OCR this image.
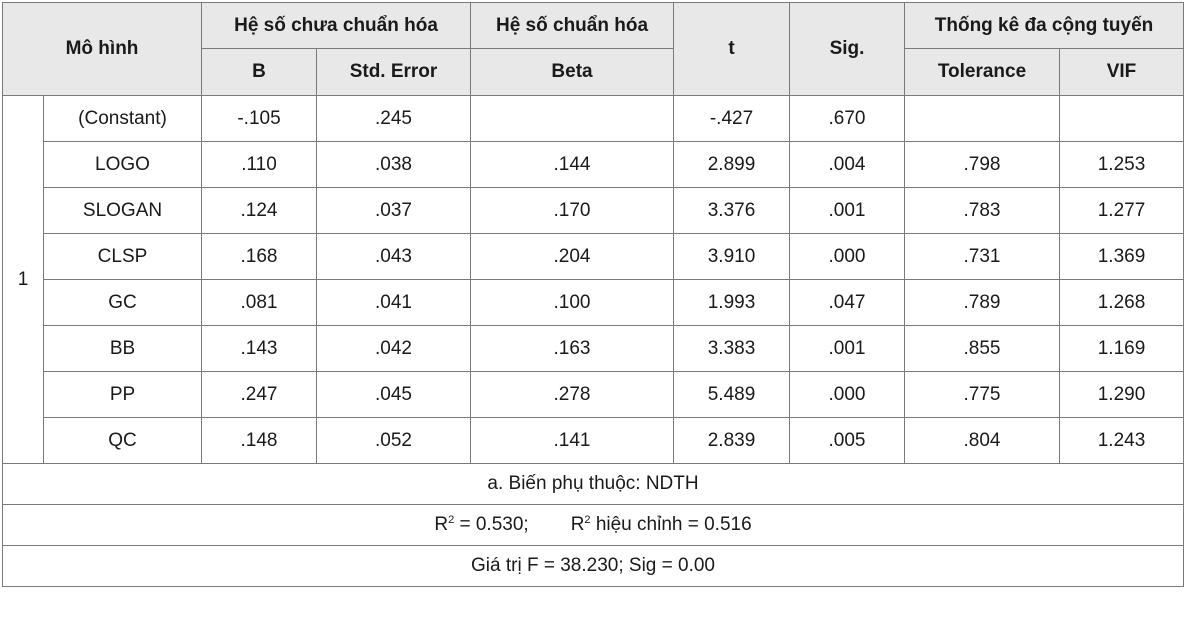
Mô hình		Hệ số chưa chuẩn hóa		Hệ số chuẩn hóa	t	Sig.	Thống kê đa cộng tuyến	
		B	Std. Error	Beta			Tolerance	VIF
1	(Constant)	-.105	.245		-.427	.670		
	LOGO	.110	.038	.144	2.899	.004	.798	1.253
	SLOGAN	.124	.037	.170	3.376	.001	.783	1.277
	CLSP	.168	.043	.204	3.910	.000	.731	1.369
	GC	.081	.041	.100	1.993	.047	.789	1.268
	BB	.143	.042	.163	3.383	.001	.855	1.169
	PP	.247	.045	.278	5.489	.000	.775	1.290
	QC	.148	.052	.141	2.839	.005	.804	1.243
a. Biến phụ thuộc: NDTH								
$R^2 = 0.530$; $R^2$ hiệu chỉnh = 0.516								
Giá trị F = 38.230; Sig = 0.00								
